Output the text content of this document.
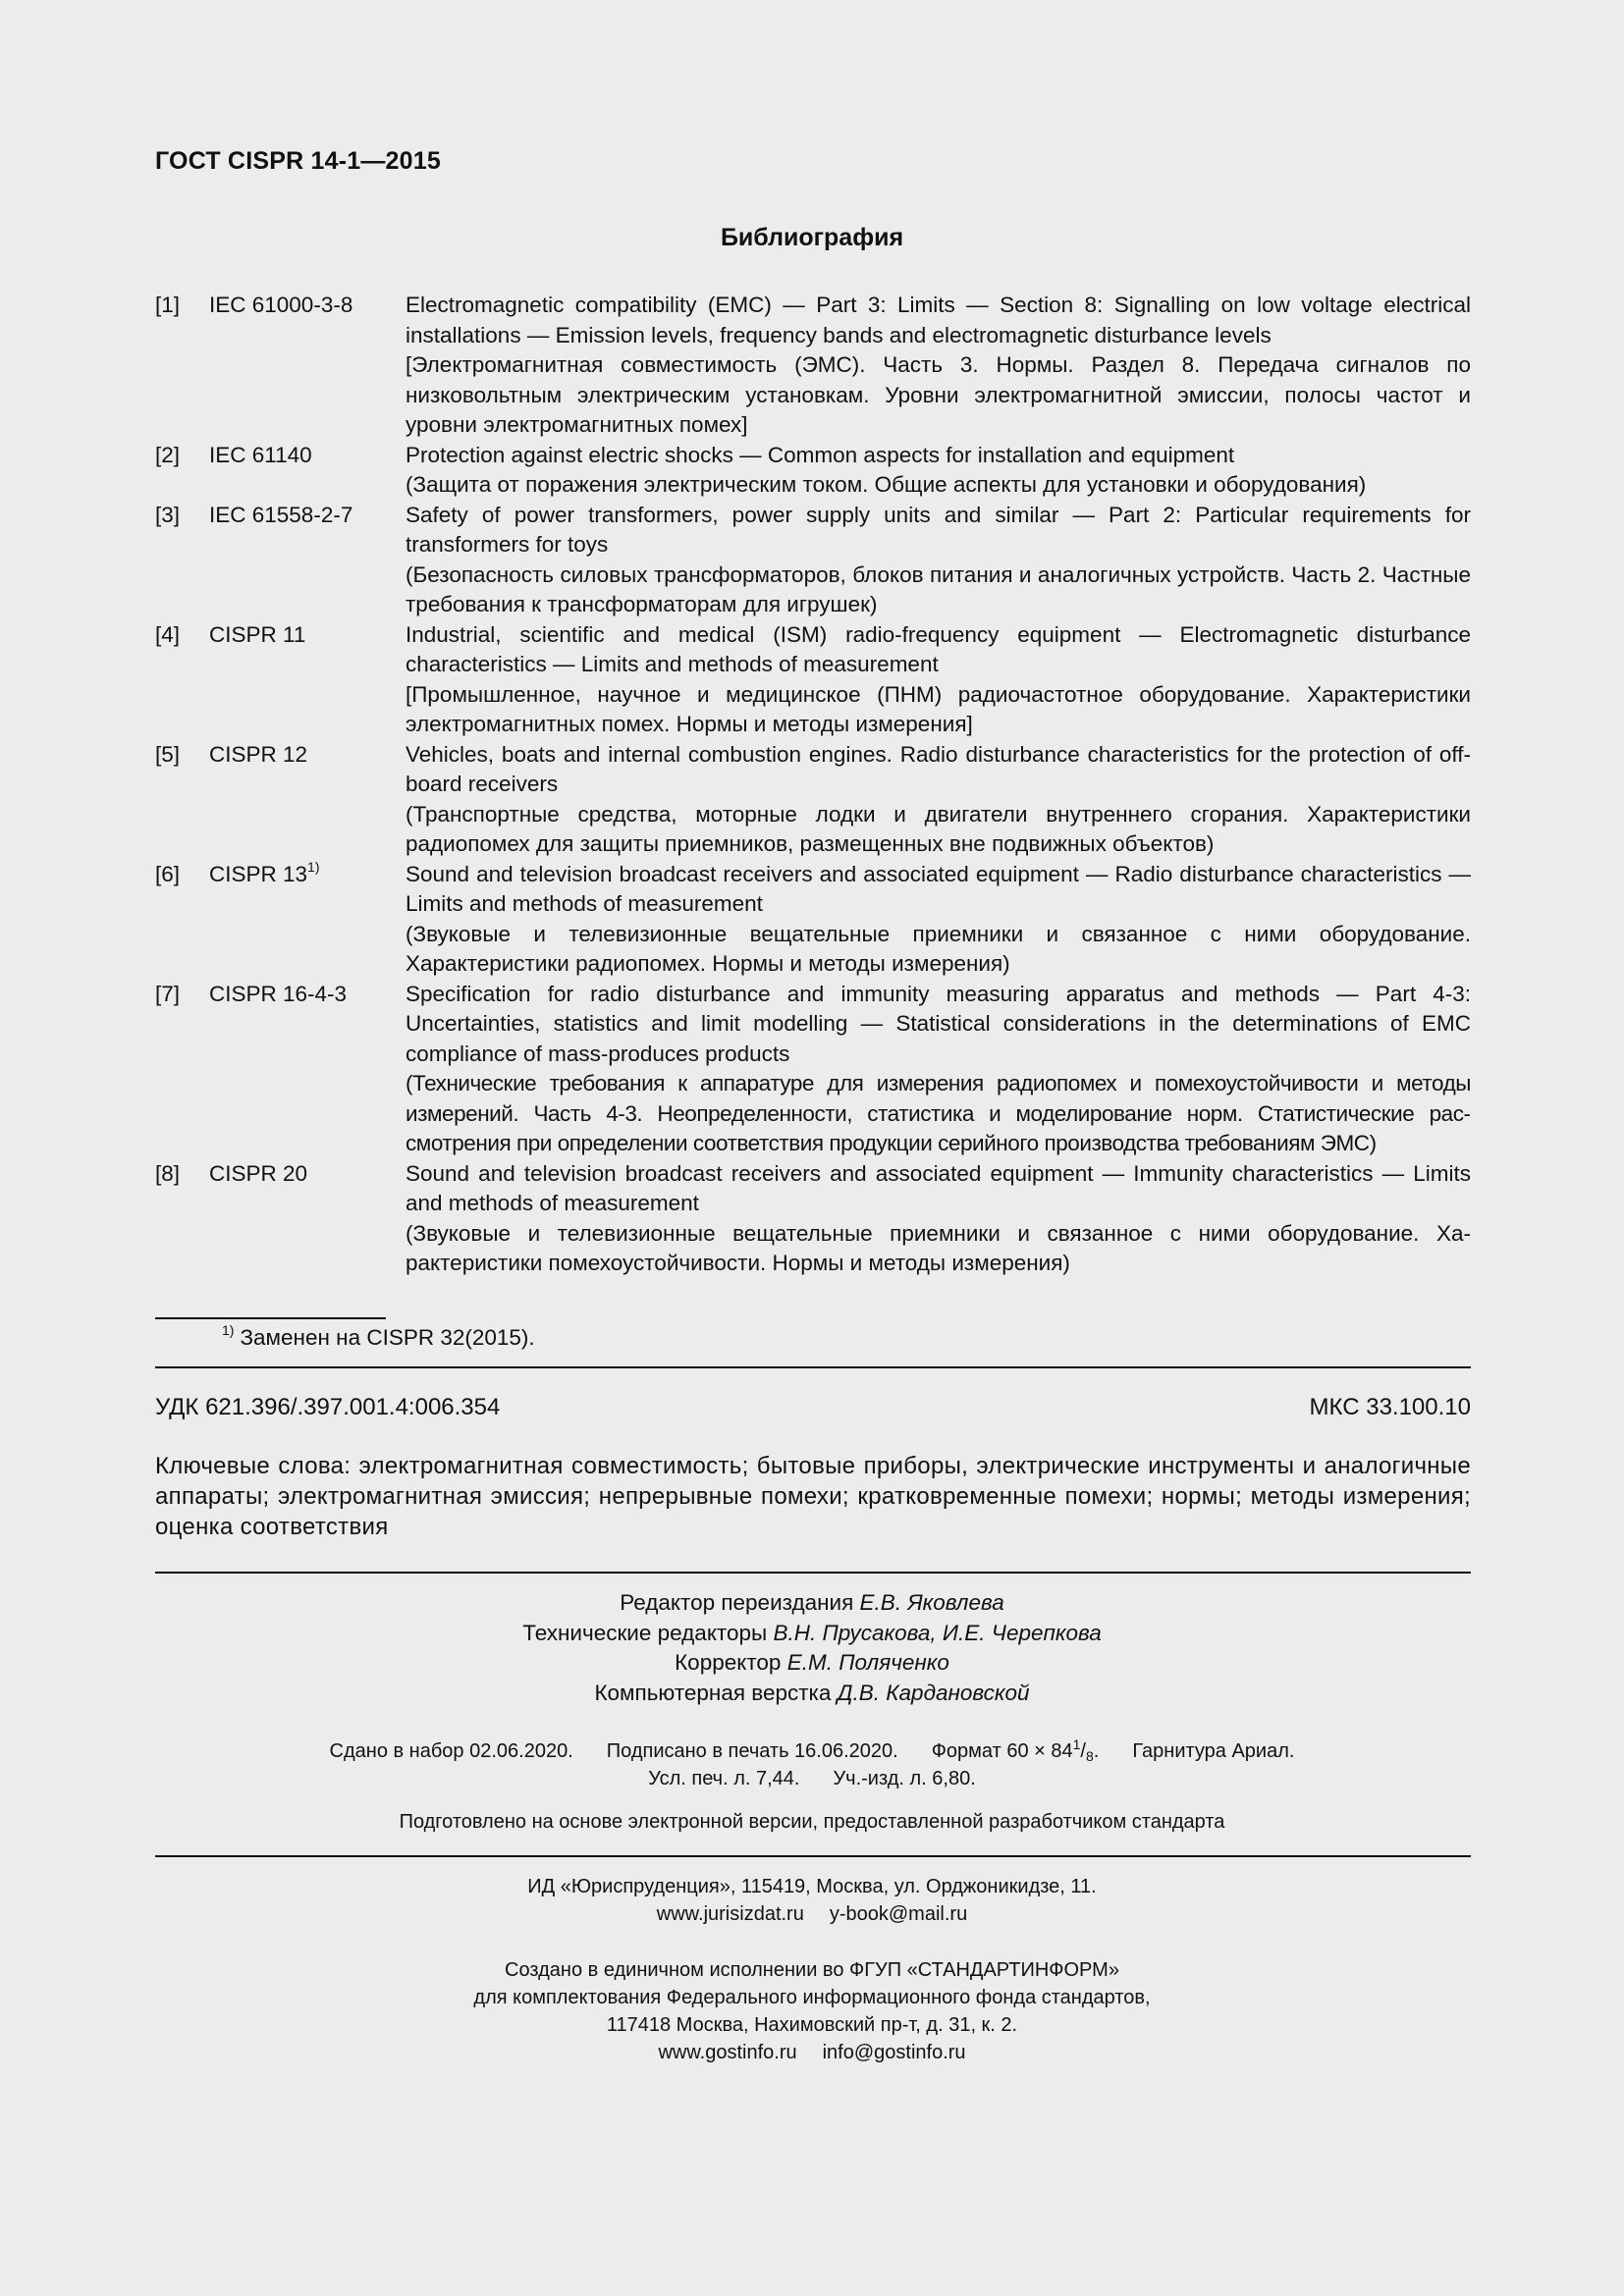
ГОСТ CISPR 14-1—2015
Библиография
[1]	IEC 61000-3-8	Electromagnetic compatibility (EMC) — Part 3: Limits — Section 8: Signalling on low voltage electrical installations — Emission levels, frequency bands and electromagnetic disturbance levels
[Электромагнитная совместимость (ЭМС). Часть 3. Нормы. Раздел 8. Передача сигналов по низковольтным электрическим установкам. Уровни электромагнитной эмиссии, полосы частот и уровни электромагнитных помех]
[2]	IEC 61140	Protection against electric shocks — Common aspects for installation and equipment
(Защита от поражения электрическим током. Общие аспекты для установки и оборудования)
[3]	IEC 61558-2-7	Safety of power transformers, power supply units and similar — Part 2: Particular requirements for transformers for toys
(Безопасность силовых трансформаторов, блоков питания и аналогичных устройств. Часть 2. Частные требования к трансформаторам для игрушек)
[4]	CISPR 11	Industrial, scientific and medical (ISM) radio-frequency equipment — Electromagnetic disturbance characteristics — Limits and methods of measurement
[Промышленное, научное и медицинское (ПНМ) радиочастотное оборудование. Характеристики электромагнитных помех. Нормы и методы измерения]
[5]	CISPR 12	Vehicles, boats and internal combustion engines. Radio disturbance characteristics for the protection of off-board receivers
(Транспортные средства, моторные лодки и двигатели внутреннего сгорания. Характеристики радиопомех для защиты приемников, размещенных вне подвижных объектов)
[6]	CISPR 13$^{1)}$	Sound and television broadcast receivers and associated equipment — Radio disturbance characteristics — Limits and methods of measurement
(Звуковые и телевизионные вещательные приемники и связанное с ними оборудование. Характеристики радиопомех. Нормы и методы измерения)
[7]	CISPR 16-4-3	Specification for radio disturbance and immunity measuring apparatus and methods — Part 4-3: Uncertainties, statistics and limit modelling — Statistical considerations in the determinations of EMC compliance of mass-produces products
(Технические требования к аппаратуре для измерения радиопомех и помехоустойчивости и методы измерений. Часть 4-3. Неопределенности, статистика и моделирование норм. Статистические рассмотрения при определении соответствия продукции серийного производства требованиям ЭМС)
[8]	CISPR 20	Sound and television broadcast receivers and associated equipment — Immunity characteristics — Limits and methods of measurement
(Звуковые и телевизионные вещательные приемники и связанное с ними оборудование. Характеристики помехоустойчивости. Нормы и методы измерения)
$^{1)}$ Заменен на CISPR 32(2015).
УДК 621.396/.397.001.4:006.354	МКС 33.100.10
Ключевые слова: электромагнитная совместимость; бытовые приборы, электрические инструменты и аналогичные аппараты; электромагнитная эмиссия; непрерывные помехи; кратковременные помехи; нормы; методы измерения; оценка соответствия
Редактор переиздания Е.В. Яковлева
Технические редакторы В.Н. Прусакова, И.Е. Черепкова
Корректор Е.М. Поляченко
Компьютерная верстка Д.В. Кардановской
Сдано в набор 02.06.2020. Подписано в печать 16.06.2020. Формат $60 \times 84^1/_8$. Гарнитура Ариал.
Усл. печ. л. 7,44. Уч.-изд. л. 6,80.
Подготовлено на основе электронной версии, предоставленной разработчиком стандарта
ИД «Юриспруденция», 115419, Москва, ул. Орджоникидзе, 11.
www.jurisizdat.ru y-book@mail.ru
Создано в единичном исполнении во ФГУП «СТАНДАРТИНФОРМ»
для комплектования Федерального информационного фонда стандартов,
117418 Москва, Нахимовский пр-т, д. 31, к. 2.
www.gostinfo.ru info@gostinfo.ru
